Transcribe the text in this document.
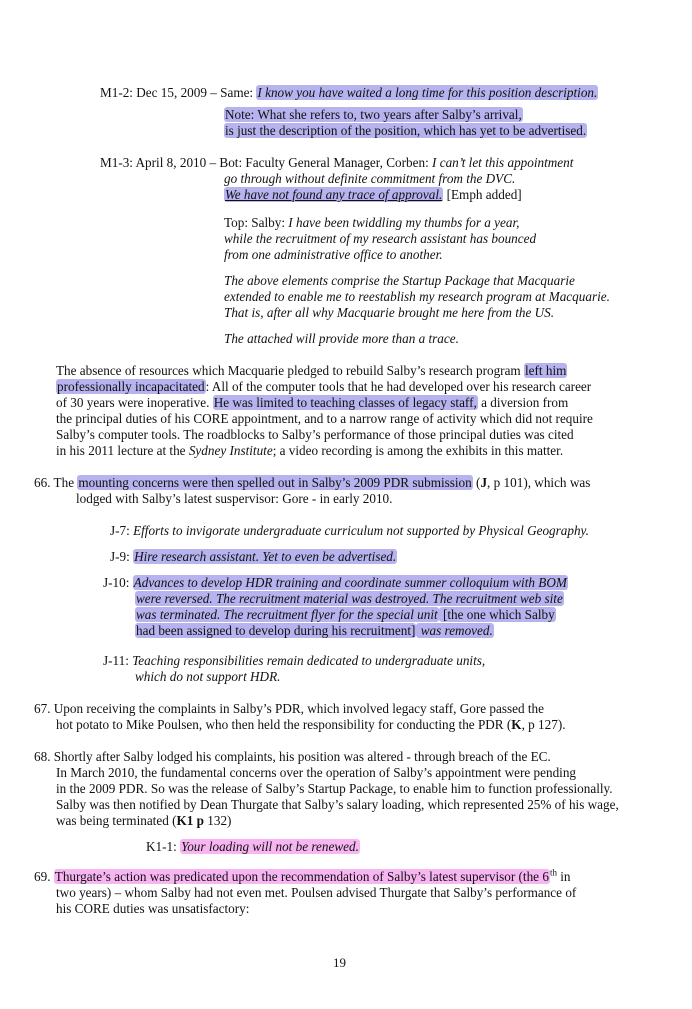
M1-2: Dec 15, 2009 – Same: I know you have waited a long time for this position description.
Note: What she refers to, two years after Salby’s arrival,
is just the description of the position, which has yet to be advertised.
M1-3: April 8, 2010 – Bot: Faculty General Manager, Corben: I can’t let this appointment
go through without definite commitment from the DVC.
We have not found any trace of approval. [Emph added]
Top: Salby: I have been twiddling my thumbs for a year,
while the recruitment of my research assistant has bounced
from one administrative office to another.
The above elements comprise the Startup Package that Macquarie
extended to enable me to reestablish my research program at Macquarie.
That is, after all why Macquarie brought me here from the US.
The attached will provide more than a trace.
The absence of resources which Macquarie pledged to rebuild Salby’s research program left him
professionally incapacitated: All of the computer tools that he had developed over his research career
of 30 years were inoperative. He was limited to teaching classes of legacy staff, a diversion from
the principal duties of his CORE appointment, and to a narrow range of activity which did not require
Salby’s computer tools. The roadblocks to Salby’s performance of those principal duties was cited
in his 2011 lecture at the Sydney Institute; a video recording is among the exhibits in this matter.
66. The mounting concerns were then spelled out in Salby’s 2009 PDR submission (J, p 101), which was
lodged with Salby’s latest suspervisor: Gore - in early 2010.
J-7: Efforts to invigorate undergraduate curriculum not supported by Physical Geography.
J-9: Hire research assistant. Yet to even be advertised.
J-10: Advances to develop HDR training and coordinate summer colloquium with BOM
were reversed. The recruitment material was destroyed. The recruitment web site
was terminated. The recruitment flyer for the special unit [the one which Salby
had been assigned to develop during his recruitment] was removed.
J-11: Teaching responsibilities remain dedicated to undergraduate units,
which do not support HDR.
67. Upon receiving the complaints in Salby’s PDR, which involved legacy staff, Gore passed the
hot potato to Mike Poulsen, who then held the responsibility for conducting the PDR (K, p 127).
68. Shortly after Salby lodged his complaints, his position was altered - through breach of the EC.
In March 2010, the fundamental concerns over the operation of Salby’s appointment were pending
in the 2009 PDR. So was the release of Salby’s Startup Package, to enable him to function professionally.
Salby was then notified by Dean Thurgate that Salby’s salary loading, which represented 25% of his wage,
was being terminated (K1 p 132)
K1-1: Your loading will not be renewed.
69. Thurgate’s action was predicated upon the recommendation of Salby’s latest supervisor (the 6th in
two years) – whom Salby had not even met. Poulsen advised Thurgate that Salby’s performance of
his CORE duties was unsatisfactory:
19
